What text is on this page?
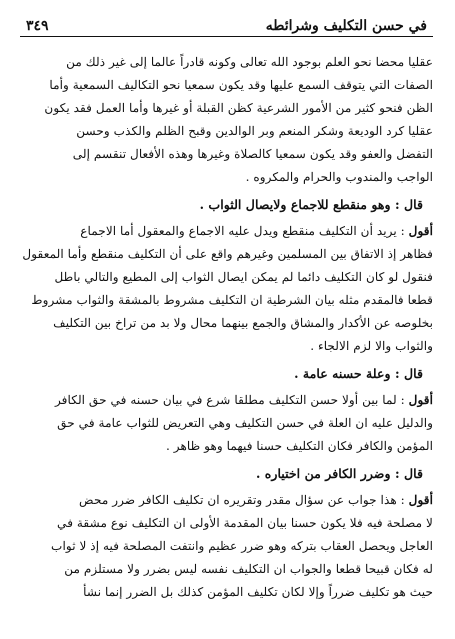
في حسن التكليف وشرائطه
٣٤٩

عقليا محضا نحو العلم بوجود الله تعالى وكونه قادراً عالما إلى غير ذلك من

الصفات التي يتوقف السمع عليها وقد يكون سمعيا نحو التكاليف السمعية وأما

الظن فنحو كثير من الأمور الشرعية كظن القبلة أو غيرها وأما العمل فقد يكون

عقليا كرد الوديعة وشكر المنعم وبر الوالدين وقبح الظلم والكذب وحسن

التفضل والعفو وقد يكون سمعيا كالصلاة وغيرها وهذه الأفعال تنقسم إلى

الواجب والمندوب والحرام والمكروه .

قال : وهو منقطع للاجماع ولايصال الثواب .

أقول : يريد أن التكليف منقطع ويدل عليه الاجماع والمعقول أما الاجماع

فظاهر إذ الاتفاق بين المسلمين وغيرهم واقع على أن التكليف منقطع وأما المعقول

فنقول لو كان التكليف دائما لم يمكن ايصال الثواب إلى المطيع والتالي باطل

قطعا فالمقدم مثله بيان الشرطية ان التكليف مشروط بالمشقة والثواب مشروط

بخلوصه عن الأكدار والمشاق والجمع بينهما محال ولا بد من تراخ بين التكليف

والثواب والا لزم الالجاء .

قال : وعلة حسنه عامة .

أقول : لما بين أولا حسن التكليف مطلقا شرع في بيان حسنه في حق الكافر

والدليل عليه ان العلة في حسن التكليف وهي التعريض للثواب عامة في حق

المؤمن والكافر فكان التكليف حسنا فيهما وهو ظاهر .

قال : وضرر الكافر من اختياره .

أقول : هذا جواب عن سؤال مقدر وتقريره ان تكليف الكافر ضرر محض

لا مصلحة فيه فلا يكون حسنا بيان المقدمة الأولى ان التكليف نوع مشقة في

العاجل ويحصل العقاب بتركه وهو ضرر عظيم وانتفت المصلحة فيه إذ لا ثواب

له فكان قبيحا قطعا والجواب ان التكليف نفسه ليس بضرر ولا مستلزم من

حيث هو تكليف ضرراً وإلا لكان تكليف المؤمن كذلك بل الضرر إنما نشأ
